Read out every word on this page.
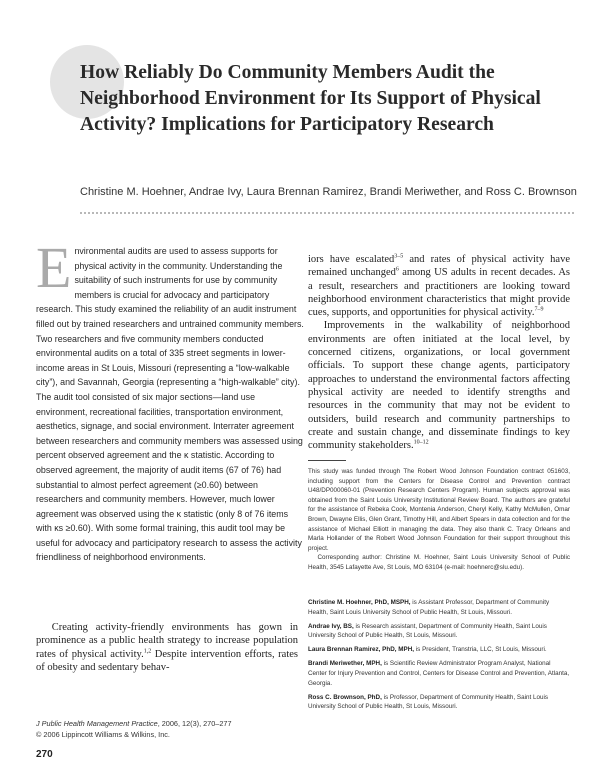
How Reliably Do Community Members Audit the Neighborhood Environment for Its Support of Physical Activity? Implications for Participatory Research

Christine M. Hoehner, Andrae Ivy, Laura Brennan Ramirez, Brandi Meriwether, and Ross C. Brownson

Environmental audits are used to assess supports for physical activity in the community. Understanding the suitability of such instruments for use by community members is crucial for advocacy and participatory research. This study examined the reliability of an audit instrument filled out by trained researchers and untrained community members. Two researchers and five community members conducted environmental audits on a total of 335 street segments in lower-income areas in St Louis, Missouri (representing a “low-walkable city”), and Savannah, Georgia (representing a “high-walkable” city). The audit tool consisted of six major sections—land use environment, recreational facilities, transportation environment, aesthetics, signage, and social environment. Interrater agreement between researchers and community members was assessed using percent observed agreement and the κ statistic. According to observed agreement, the majority of audit items (67 of 76) had substantial to almost perfect agreement (≥0.60) between researchers and community members. However, much lower agreement was observed using the κ statistic (only 8 of 76 items with κs ≥0.60). With some formal training, this audit tool may be useful for advocacy and participatory research to assess the activity friendliness of neighborhood environments.

Creating activity-friendly environments has gown in prominence as a public health strategy to increase population rates of physical activity.$^{1,2}$ Despite intervention efforts, rates of obesity and sedentary behav-

J Public Health Management Practice, 2006, 12(3), 270–277
© 2006 Lippincott Williams & Wilkins, Inc.
270

iors have escalated$^{3-5}$ and rates of physical activity have remained unchanged$^6$ among US adults in recent decades. As a result, researchers and practitioners are looking toward neighborhood environment characteristics that might provide cues, supports, and opportunities for physical activity.$^{7-9}$

Improvements in the walkability of neighborhood environments are often initiated at the local level, by concerned citizens, organizations, or local government officials. To support these change agents, participatory approaches to understand the environmental factors affecting physical activity are needed to identify strengths and resources in the community that may not be evident to outsiders, build research and community partnerships to create and sustain change, and disseminate findings to key community stakeholders.$^{10-12}$

This study was funded through The Robert Wood Johnson Foundation contract 051603, including support from the Centers for Disease Control and Prevention contract U48/DP000060-01 (Prevention Research Centers Program). Human subjects approval was obtained from the Saint Louis University Institutional Review Board. The authors are grateful for the assistance of Rebeka Cook, Montenia Anderson, Cheryl Kelly, Kathy McMullen, Omar Brown, Dwayne Ellis, Glen Grant, Timothy Hill, and Albert Spears in data collection and for the assistance of Michael Elliott in managing the data. They also thank C. Tracy Orleans and Marla Hollander of the Robert Wood Johnson Foundation for their support throughout this project.

Corresponding author: Christine M. Hoehner, Saint Louis University School of Public Health, 3545 Lafayette Ave, St Louis, MO 63104 (e-mail: hoehnerc@slu.edu).

Christine M. Hoehner, PhD, MSPH, is Assistant Professor, Department of Community Health, Saint Louis University School of Public Health, St Louis, Missouri.

Andrae Ivy, BS, is Research assistant, Department of Community Health, Saint Louis University School of Public Health, St Louis, Missouri.

Laura Brennan Ramirez, PhD, MPH, is President, Transtria, LLC, St Louis, Missouri.

Brandi Meriwether, MPH, is Scientific Review Administrator Program Analyst, National Center for Injury Prevention and Control, Centers for Disease Control and Prevention, Atlanta, Georgia.

Ross C. Brownson, PhD, is Professor, Department of Community Health, Saint Louis University School of Public Health, St Louis, Missouri.
